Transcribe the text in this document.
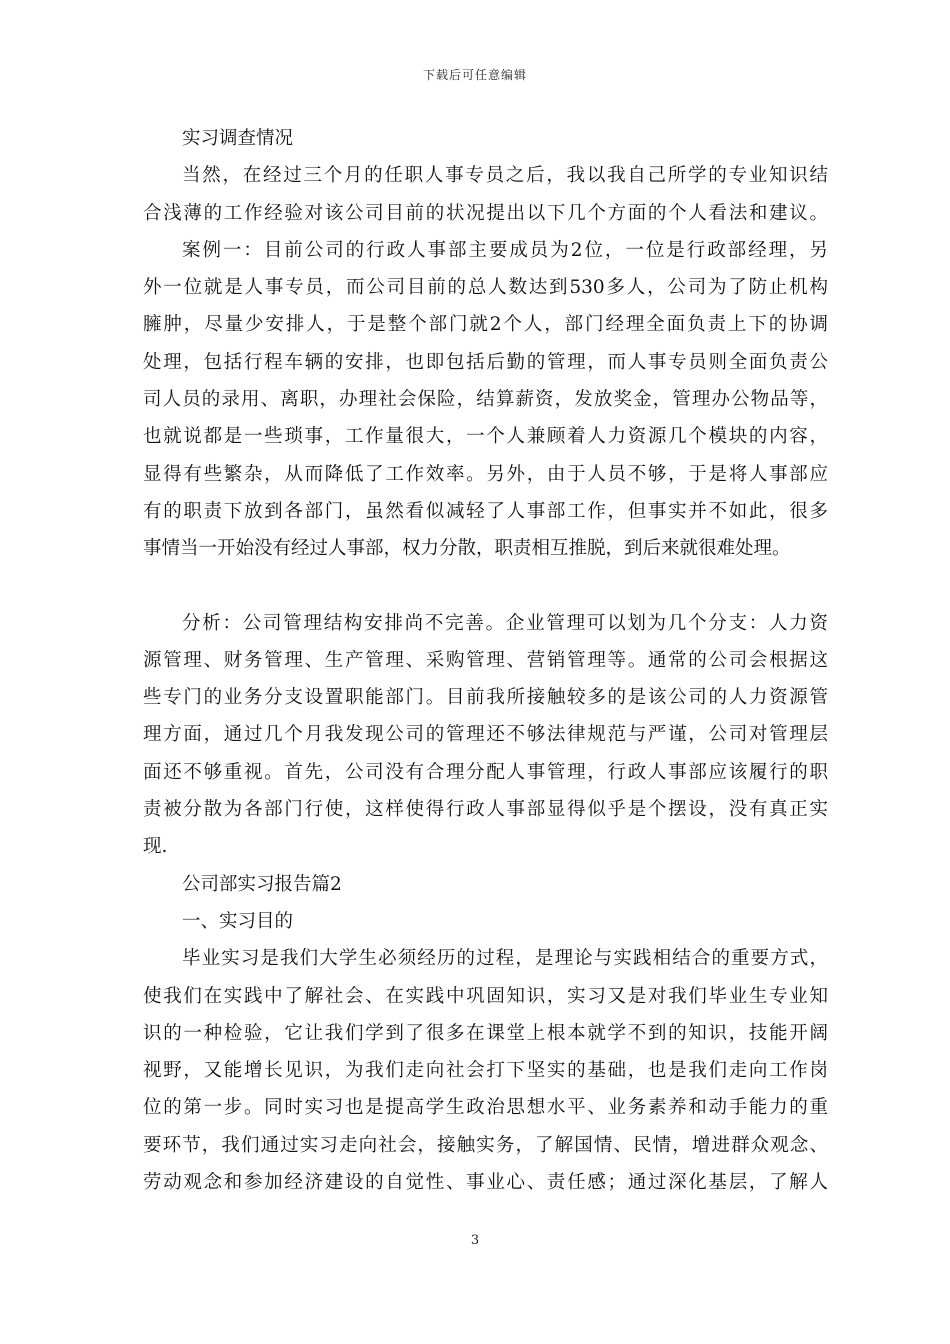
下载后可任意编辑
实习调查情况
当然，在经过三个月的任职人事专员之后，我以我自己所学的专业知识结
合浅薄的工作经验对该公司目前的状况提出以下几个方面的个人看法和建议。
案例一：目前公司的行政人事部主要成员为2位，一位是行政部经理，另
外一位就是人事专员，而公司目前的总人数达到530多人，公司为了防止机构
臃肿，尽量少安排人，于是整个部门就2个人，部门经理全面负责上下的协调
处理，包括行程车辆的安排，也即包括后勤的管理，而人事专员则全面负责公
司人员的录用、离职，办理社会保险，结算薪资，发放奖金，管理办公物品等，
也就说都是一些琐事，工作量很大，一个人兼顾着人力资源几个模块的内容，
显得有些繁杂，从而降低了工作效率。另外，由于人员不够，于是将人事部应
有的职责下放到各部门，虽然看似减轻了人事部工作，但事实并不如此，很多
事情当一开始没有经过人事部，权力分散，职责相互推脱，到后来就很难处理。
分析：公司管理结构安排尚不完善。企业管理可以划为几个分支：人力资
源管理、财务管理、生产管理、采购管理、营销管理等。通常的公司会根据这
些专门的业务分支设置职能部门。目前我所接触较多的是该公司的人力资源管
理方面，通过几个月我发现公司的管理还不够法律规范与严谨，公司对管理层
面还不够重视。首先，公司没有合理分配人事管理，行政人事部应该履行的职
责被分散为各部门行使，这样使得行政人事部显得似乎是个摆设，没有真正实
现.
公司部实习报告篇2
一、实习目的
毕业实习是我们大学生必须经历的过程，是理论与实践相结合的重要方式，
使我们在实践中了解社会、在实践中巩固知识，实习又是对我们毕业生专业知
识的一种检验，它让我们学到了很多在课堂上根本就学不到的知识，技能开阔
视野，又能增长见识，为我们走向社会打下坚实的基础，也是我们走向工作岗
位的第一步。同时实习也是提高学生政治思想水平、业务素养和动手能力的重
要环节，我们通过实习走向社会，接触实务，了解国情、民情，增进群众观念、
劳动观念和参加经济建设的自觉性、事业心、责任感；通过深化基层，了解人
3
